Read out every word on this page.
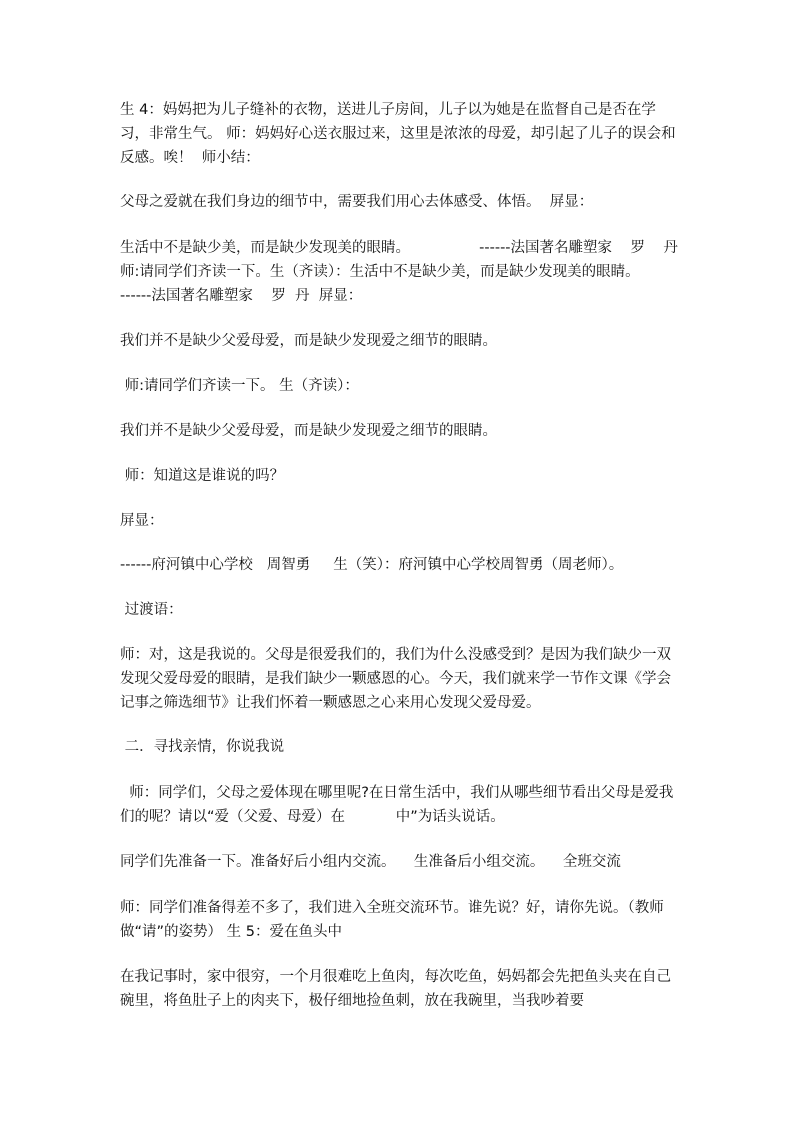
生 4：妈妈把为儿子缝补的衣物，送进儿子房间，儿子以为她是在监督自己是否在学习，非常生气。 师：妈妈好心送衣服过来，这里是浓浓的母爱，却引起了儿子的误会和反感。唉！  师小结：

父母之爱就在我们身边的细节中，需要我们用心去体感受、体悟。  屏显：

生活中不是缺少美，而是缺少发现美的眼睛。               ------法国著名雕塑家    罗    丹    师:请同学们齐读一下。生（齐读）：生活中不是缺少美，而是缺少发现美的眼睛。               ------法国著名雕塑家    罗  丹  屏显：

我们并不是缺少父爱母爱，而是缺少发现爱之细节的眼睛。

师:请同学们齐读一下。 生（齐读）：

我们并不是缺少父爱母爱，而是缺少发现爱之细节的眼睛。

师：知道这是谁说的吗？

屏显：

------府河镇中心学校   周智勇     生（笑）：府河镇中心学校周智勇（周老师）。

过渡语：

师：对，这是我说的。父母是很爱我们的，我们为什么没感受到？是因为我们缺少一双发现父爱母爱的眼睛，是我们缺少一颗感恩的心。今天，我们就来学一节作文课《学会记事之筛选细节》让我们怀着一颗感恩之心来用心发现父爱母爱。

二．寻找亲情，你说我说

师：同学们，父母之爱体现在哪里呢?在日常生活中，我们从哪些细节看出父母是爱我们的呢？请以“爱（父爱、母爱）在           中”为话头说话。

同学们先准备一下。准备好后小组内交流。    生准备后小组交流。    全班交流

师：同学们准备得差不多了，我们进入全班交流环节。谁先说？好，请你先说。（教师做“请”的姿势） 生 5：爱在鱼头中

在我记事时，家中很穷，一个月很难吃上鱼肉，每次吃鱼，妈妈都会先把鱼头夹在自己碗里，将鱼肚子上的肉夹下，极仔细地捡鱼刺，放在我碗里，当我吵着要
